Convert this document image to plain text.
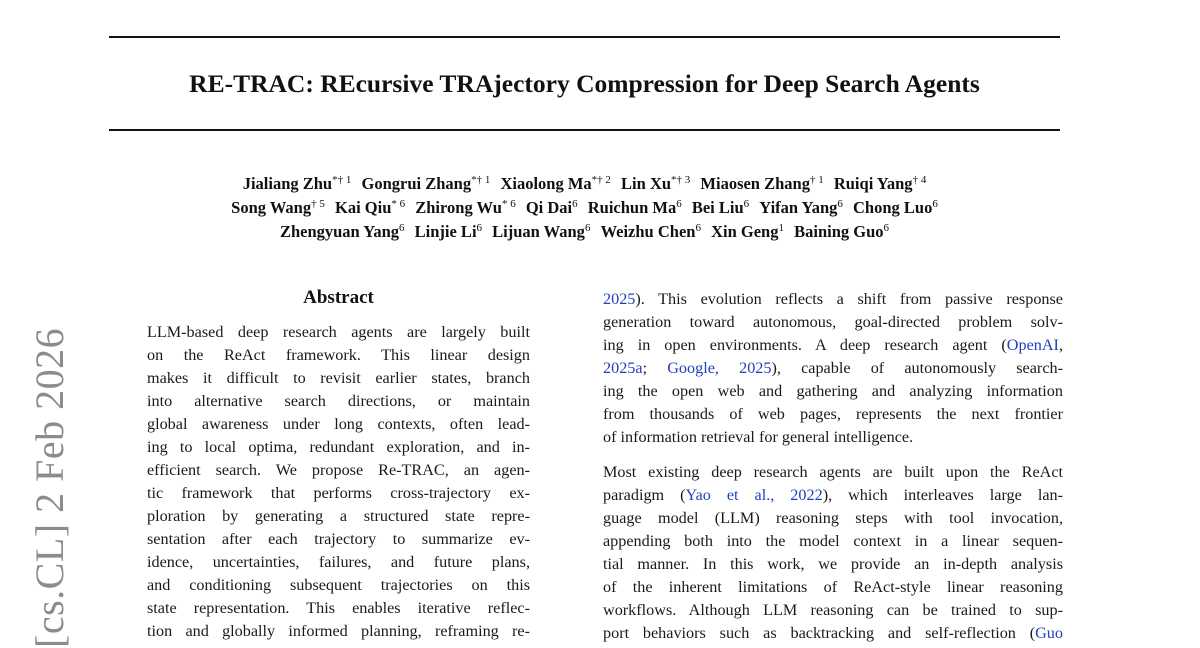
RE-TRAC: REcursive TRAjectory Compression for Deep Search Agents
Jialiang Zhu$^{*\dagger 1}$ Gongrui Zhang$^{*\dagger 1}$ Xiaolong Ma$^{*\dagger 2}$ Lin Xu$^{*\dagger 3}$ Miaosen Zhang$^{\dagger 1}$ Ruiqi Yang$^{\dagger 4}$
Song Wang$^{\dagger 5}$ Kai Qiu$^{* 6}$ Zhirong Wu$^{* 6}$ Qi Dai$^6$ Ruichun Ma$^6$ Bei Liu$^6$ Yifan Yang$^6$ Chong Luo$^6$
Zhengyuan Yang$^6$ Linjie Li$^6$ Lijuan Wang$^6$ Weizhu Chen$^6$ Xin Geng$^1$ Baining Guo$^6$
[cs.CL] 2 Feb 2026
Abstract
LLM-based deep research agents are largely built
on the ReAct framework. This linear design
makes it difficult to revisit earlier states, branch
into alternative search directions, or maintain
global awareness under long contexts, often lead-
ing to local optima, redundant exploration, and in-
efficient search. We propose Re-TRAC, an agen-
tic framework that performs cross-trajectory ex-
ploration by generating a structured state repre-
sentation after each trajectory to summarize ev-
idence, uncertainties, failures, and future plans,
and conditioning subsequent trajectories on this
state representation. This enables iterative reflec-
tion and globally informed planning, reframing re-
2025). This evolution reflects a shift from passive response
generation toward autonomous, goal-directed problem solv-
ing in open environments. A deep research agent (OpenAI,
2025a; Google, 2025), capable of autonomously search-
ing the open web and gathering and analyzing information
from thousands of web pages, represents the next frontier
of information retrieval for general intelligence.
Most existing deep research agents are built upon the ReAct
paradigm (Yao et al., 2022), which interleaves large lan-
guage model (LLM) reasoning steps with tool invocation,
appending both into the model context in a linear sequen-
tial manner. In this work, we provide an in-depth analysis
of the inherent limitations of ReAct-style linear reasoning
workflows. Although LLM reasoning can be trained to sup-
port behaviors such as backtracking and self-reflection (Guo
